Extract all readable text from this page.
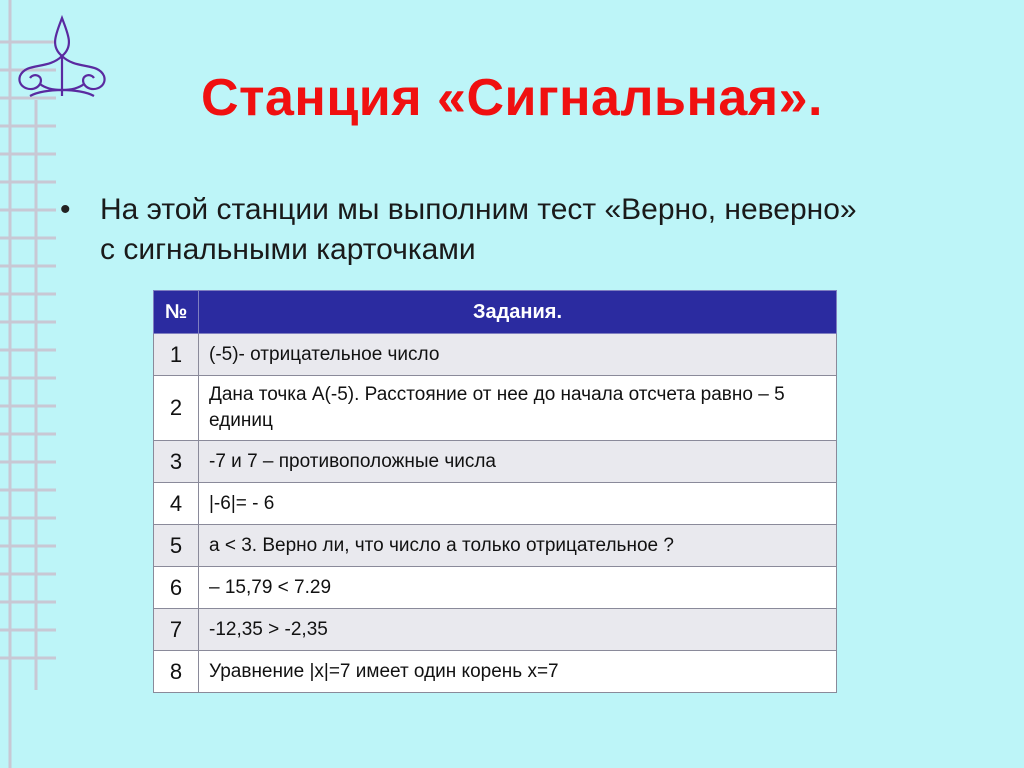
Станция «Сигнальная».
• На этой станции мы выполним тест «Верно, неверно» с сигнальными карточками
№	Задания.
1	(-5)- отрицательное число
2	Дана точка А(-5). Расстояние от нее до начала отсчета равно – 5 единиц
3	-7 и 7 – противоположные числа
4	|-6|= - 6
5	a < 3. Верно ли, что число а только отрицательное ?
6	– 15,79 < 7.29
7	-12,35 > -2,35
8	Уравнение |x|=7 имеет один корень х=7
